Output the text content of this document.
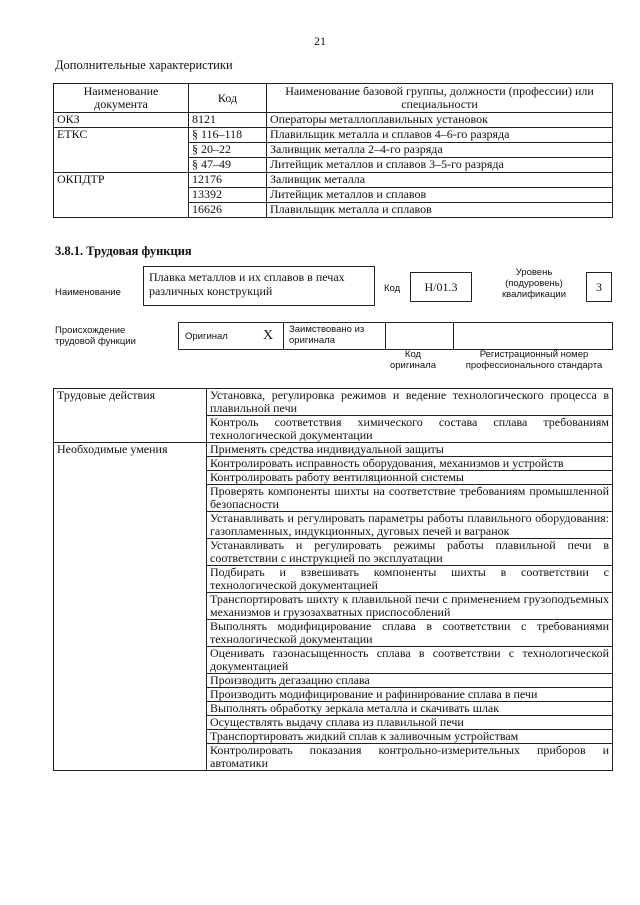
21
Дополнительные характеристики
Наименование документа	Код	Наименование базовой группы, должности (профессии) или специальности
ОКЗ	8121	Операторы металлоплавильных установок
ЕТКС	§ 116–118	Плавильщик металла и сплавов 4–6-го разряда
	§ 20–22	Заливщик металла 2–4-го разряда
	§ 47–49	Литейщик металлов и сплавов 3–5-го разряда
ОКПДТР	12176	Заливщик металла
	13392	Литейщик металлов и сплавов
	16626	Плавильщик металла и сплавов
3.8.1. Трудовая функция
Наименование
Плавка металлов и их сплавов в печах различных конструкций	Код	H/01.3
Уровень (подуровень) квалификации
3
Происхождение трудовой функции	Оригинал	X Заимствовано из оригинала
Код оригинала
Регистрационный номер профессионального стандарта
Трудовые действия	Установка, регулировка режимов и ведение технологического процесса в плавильной печи
	Контроль соответствия химического состава сплава требованиям технологической документации
Необходимые умения	Применять средства индивидуальной защиты
	Контролировать исправность оборудования, механизмов и устройств
	Контролировать работу вентиляционной системы
	Проверять компоненты шихты на соответствие требованиям промышленной безопасности
	Устанавливать и регулировать параметры работы плавильного оборудования: газопламенных, индукционных, дуговых печей и вагранок
	Устанавливать и регулировать режимы работы плавильной печи в соответствии с инструкцией по эксплуатации
	Подбирать и взвешивать компоненты шихты в соответствии с технологической документацией
	Транспортировать шихту к плавильной печи с применением грузоподъемных механизмов и грузозахватных приспособлений
	Выполнять модифицирование сплава в соответствии с требованиями технологической документации
	Оценивать газонасыщенность сплава в соответствии с технологической документацией
	Производить дегазацию сплава
	Производить модифицирование и рафинирование сплава в печи
	Выполнять обработку зеркала металла и скачивать шлак
	Осуществлять выдачу сплава из плавильной печи
	Транспортировать жидкий сплав к заливочным устройствам
	Контролировать показания контрольно-измерительных приборов и автоматики
